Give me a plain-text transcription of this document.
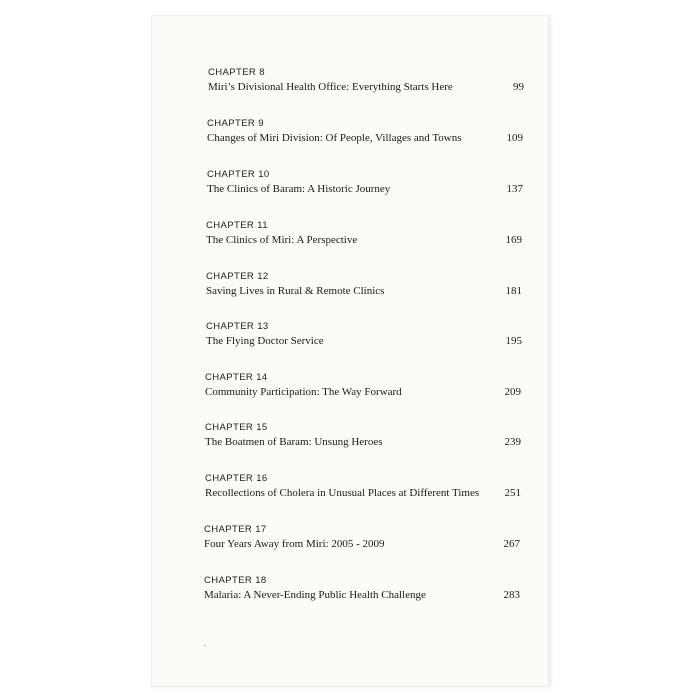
CHAPTER 8
Miri’s Divisional Health Office: Everything Starts Here	99
CHAPTER 9
Changes of Miri Division: Of People, Villages and Towns	109
CHAPTER 10
The Clinics of Baram: A Historic Journey	137
CHAPTER 11
The Clinics of Miri: A Perspective	169
CHAPTER 12
Saving Lives in Rural & Remote Clinics	181
CHAPTER 13
The Flying Doctor Service	195
CHAPTER 14
Community Participation: The Way Forward	209
CHAPTER 15
The Boatmen of Baram: Unsung Heroes	239
CHAPTER 16
Recollections of Cholera in Unusual Places at Different Times 251
CHAPTER 17
Four Years Away from Miri: 2005 - 2009	267
CHAPTER 18
Malaria: A Never-Ending Public Health Challenge	283
